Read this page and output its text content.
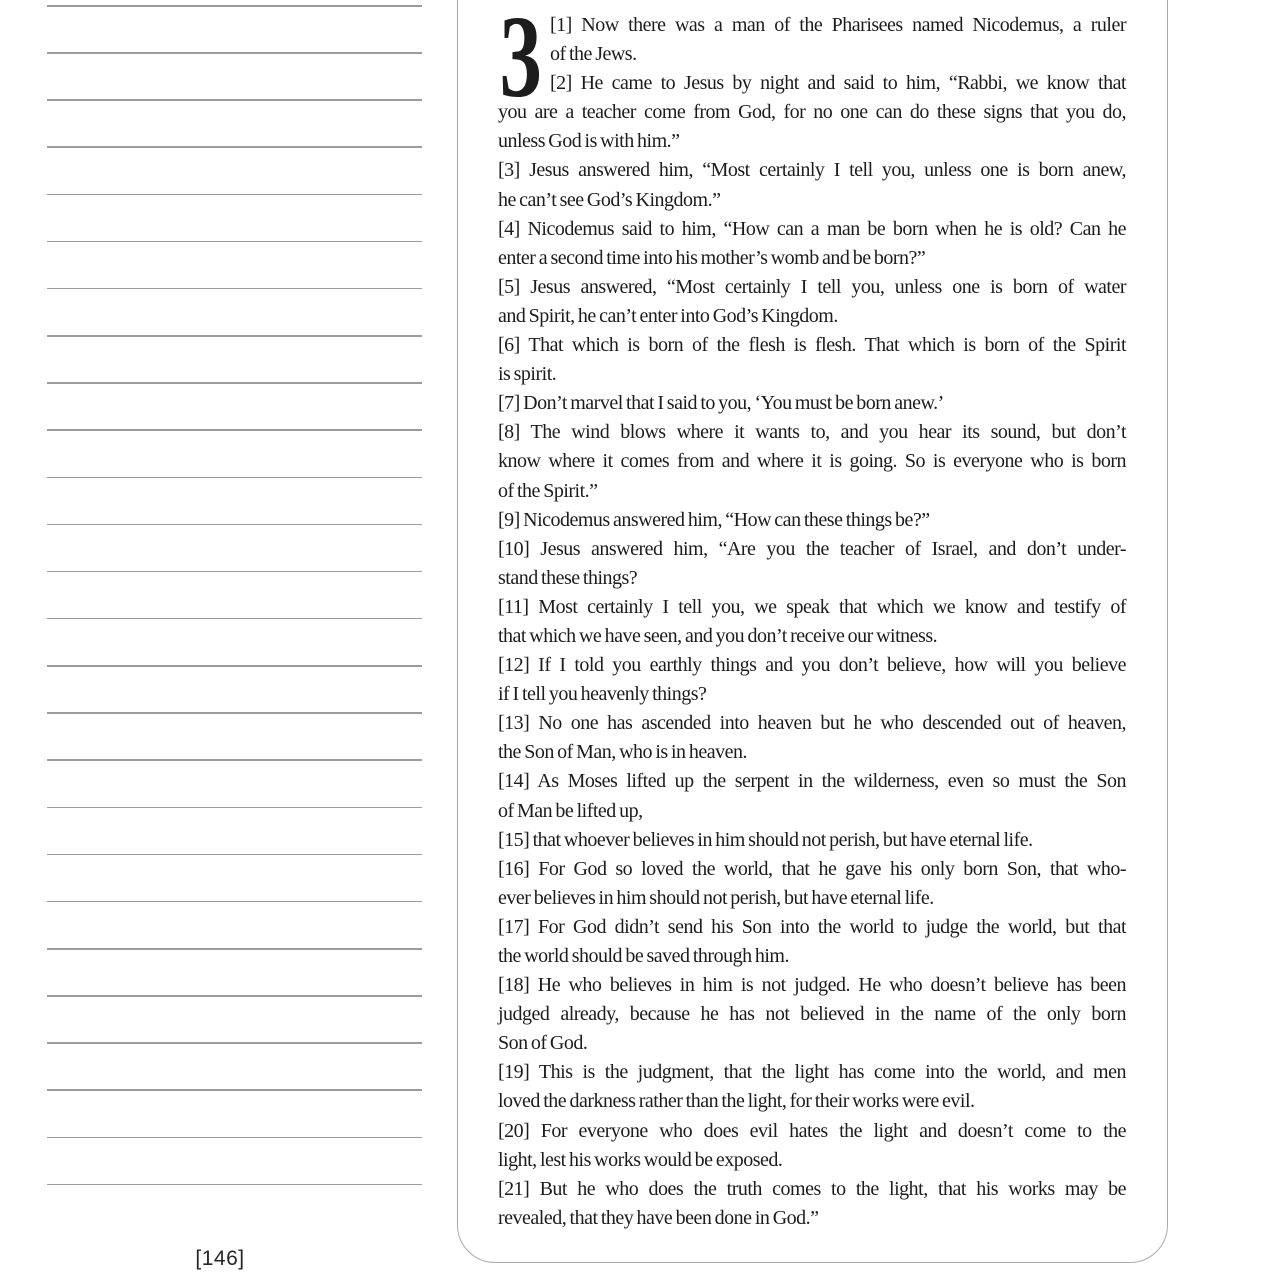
[146]
3 [1] Now there was a man of the Pharisees named Nicodemus, a ruler
of the Jews.
[2] He came to Jesus by night and said to him, “Rabbi, we know that
you are a teacher come from God, for no one can do these signs that you do,
unless God is with him.”
[3] Jesus answered him, “Most certainly I tell you, unless one is born anew,
he can’t see God’s Kingdom.”
[4] Nicodemus said to him, “How can a man be born when he is old? Can he
enter a second time into his mother’s womb and be born?”
[5] Jesus answered, “Most certainly I tell you, unless one is born of water
and Spirit, he can’t enter into God’s Kingdom.
[6] That which is born of the flesh is flesh. That which is born of the Spirit
is spirit.
[7] Don’t marvel that I said to you, ‘You must be born anew.’
[8] The wind blows where it wants to, and you hear its sound, but don’t
know where it comes from and where it is going. So is everyone who is born
of the Spirit.”
[9] Nicodemus answered him, “How can these things be?”
[10] Jesus answered him, “Are you the teacher of Israel, and don’t under-
stand these things?
[11] Most certainly I tell you, we speak that which we know and testify of
that which we have seen, and you don’t receive our witness.
[12] If I told you earthly things and you don’t believe, how will you believe
if I tell you heavenly things?
[13] No one has ascended into heaven but he who descended out of heaven,
the Son of Man, who is in heaven.
[14] As Moses lifted up the serpent in the wilderness, even so must the Son
of Man be lifted up,
[15] that whoever believes in him should not perish, but have eternal life.
[16] For God so loved the world, that he gave his only born Son, that who-
ever believes in him should not perish, but have eternal life.
[17] For God didn’t send his Son into the world to judge the world, but that
the world should be saved through him.
[18] He who believes in him is not judged. He who doesn’t believe has been
judged already, because he has not believed in the name of the only born
Son of God.
[19] This is the judgment, that the light has come into the world, and men
loved the darkness rather than the light, for their works were evil.
[20] For everyone who does evil hates the light and doesn’t come to the
light, lest his works would be exposed.
[21] But he who does the truth comes to the light, that his works may be
revealed, that they have been done in God.”
